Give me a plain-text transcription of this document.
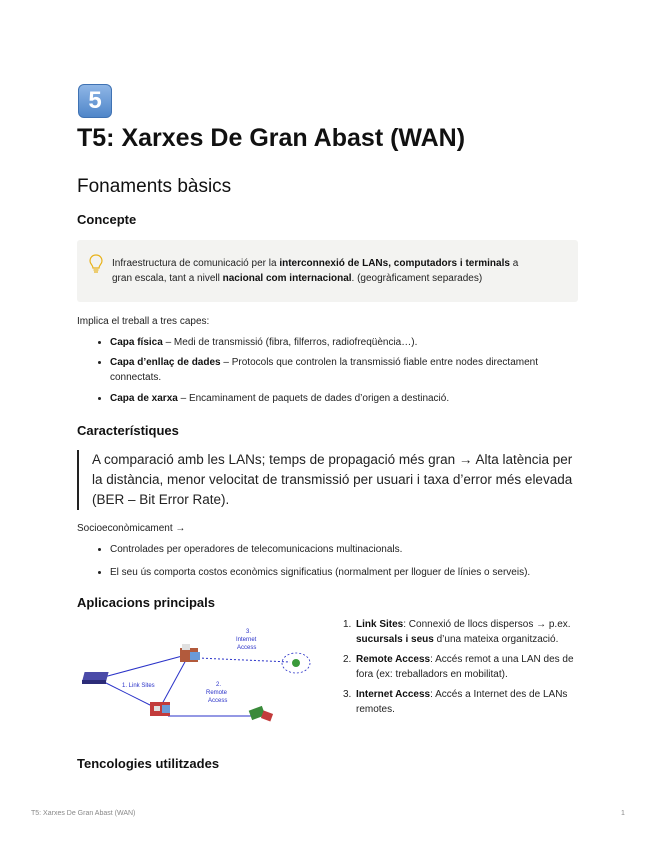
5
T5: Xarxes De Gran Abast (WAN)
Fonaments bàsics
Concepte
Infraestructura de comunicació per la interconnexió de LANs, computadors i terminals a
gran escala, tant a nivell nacional com internacional. (geogràficament separades)
Implica el treball a tres capes:
Capa física – Medi de transmissió (fibra, filferros, radiofreqüència…).
Capa d’enllaç de dades – Protocols que controlen la transmissió fiable entre nodes directament connectats.
Capa de xarxa – Encaminament de paquets de dades d’origen a destinació.
Característiques
A comparació amb les LANs; temps de propagació més gran → Alta latència per la distància, menor velocitat de transmissió per usuari i taxa d’error més elevada (BER – Bit Error Rate).
Socioeconòmicament →
Controlades per operadores de telecomunicacions multinacionals.
El seu ús comporta costos econòmics significatius (normalment per lloguer de línies o serveis).
Aplicacions principals
1. Link Sites	2.
Remote
Access
3.
Internet
Access
1. Link Sites: Connexió de llocs dispersos → p.ex. sucursals i seus d’una mateixa organització.
2. Remote Access: Accés remot a una LAN des de fora (ex: treballadors en mobilitat).
3. Internet Access: Accés a Internet des de LANs remotes.
Tencologies utilitzades
T5: Xarxes De Gran Abast (WAN)	1
